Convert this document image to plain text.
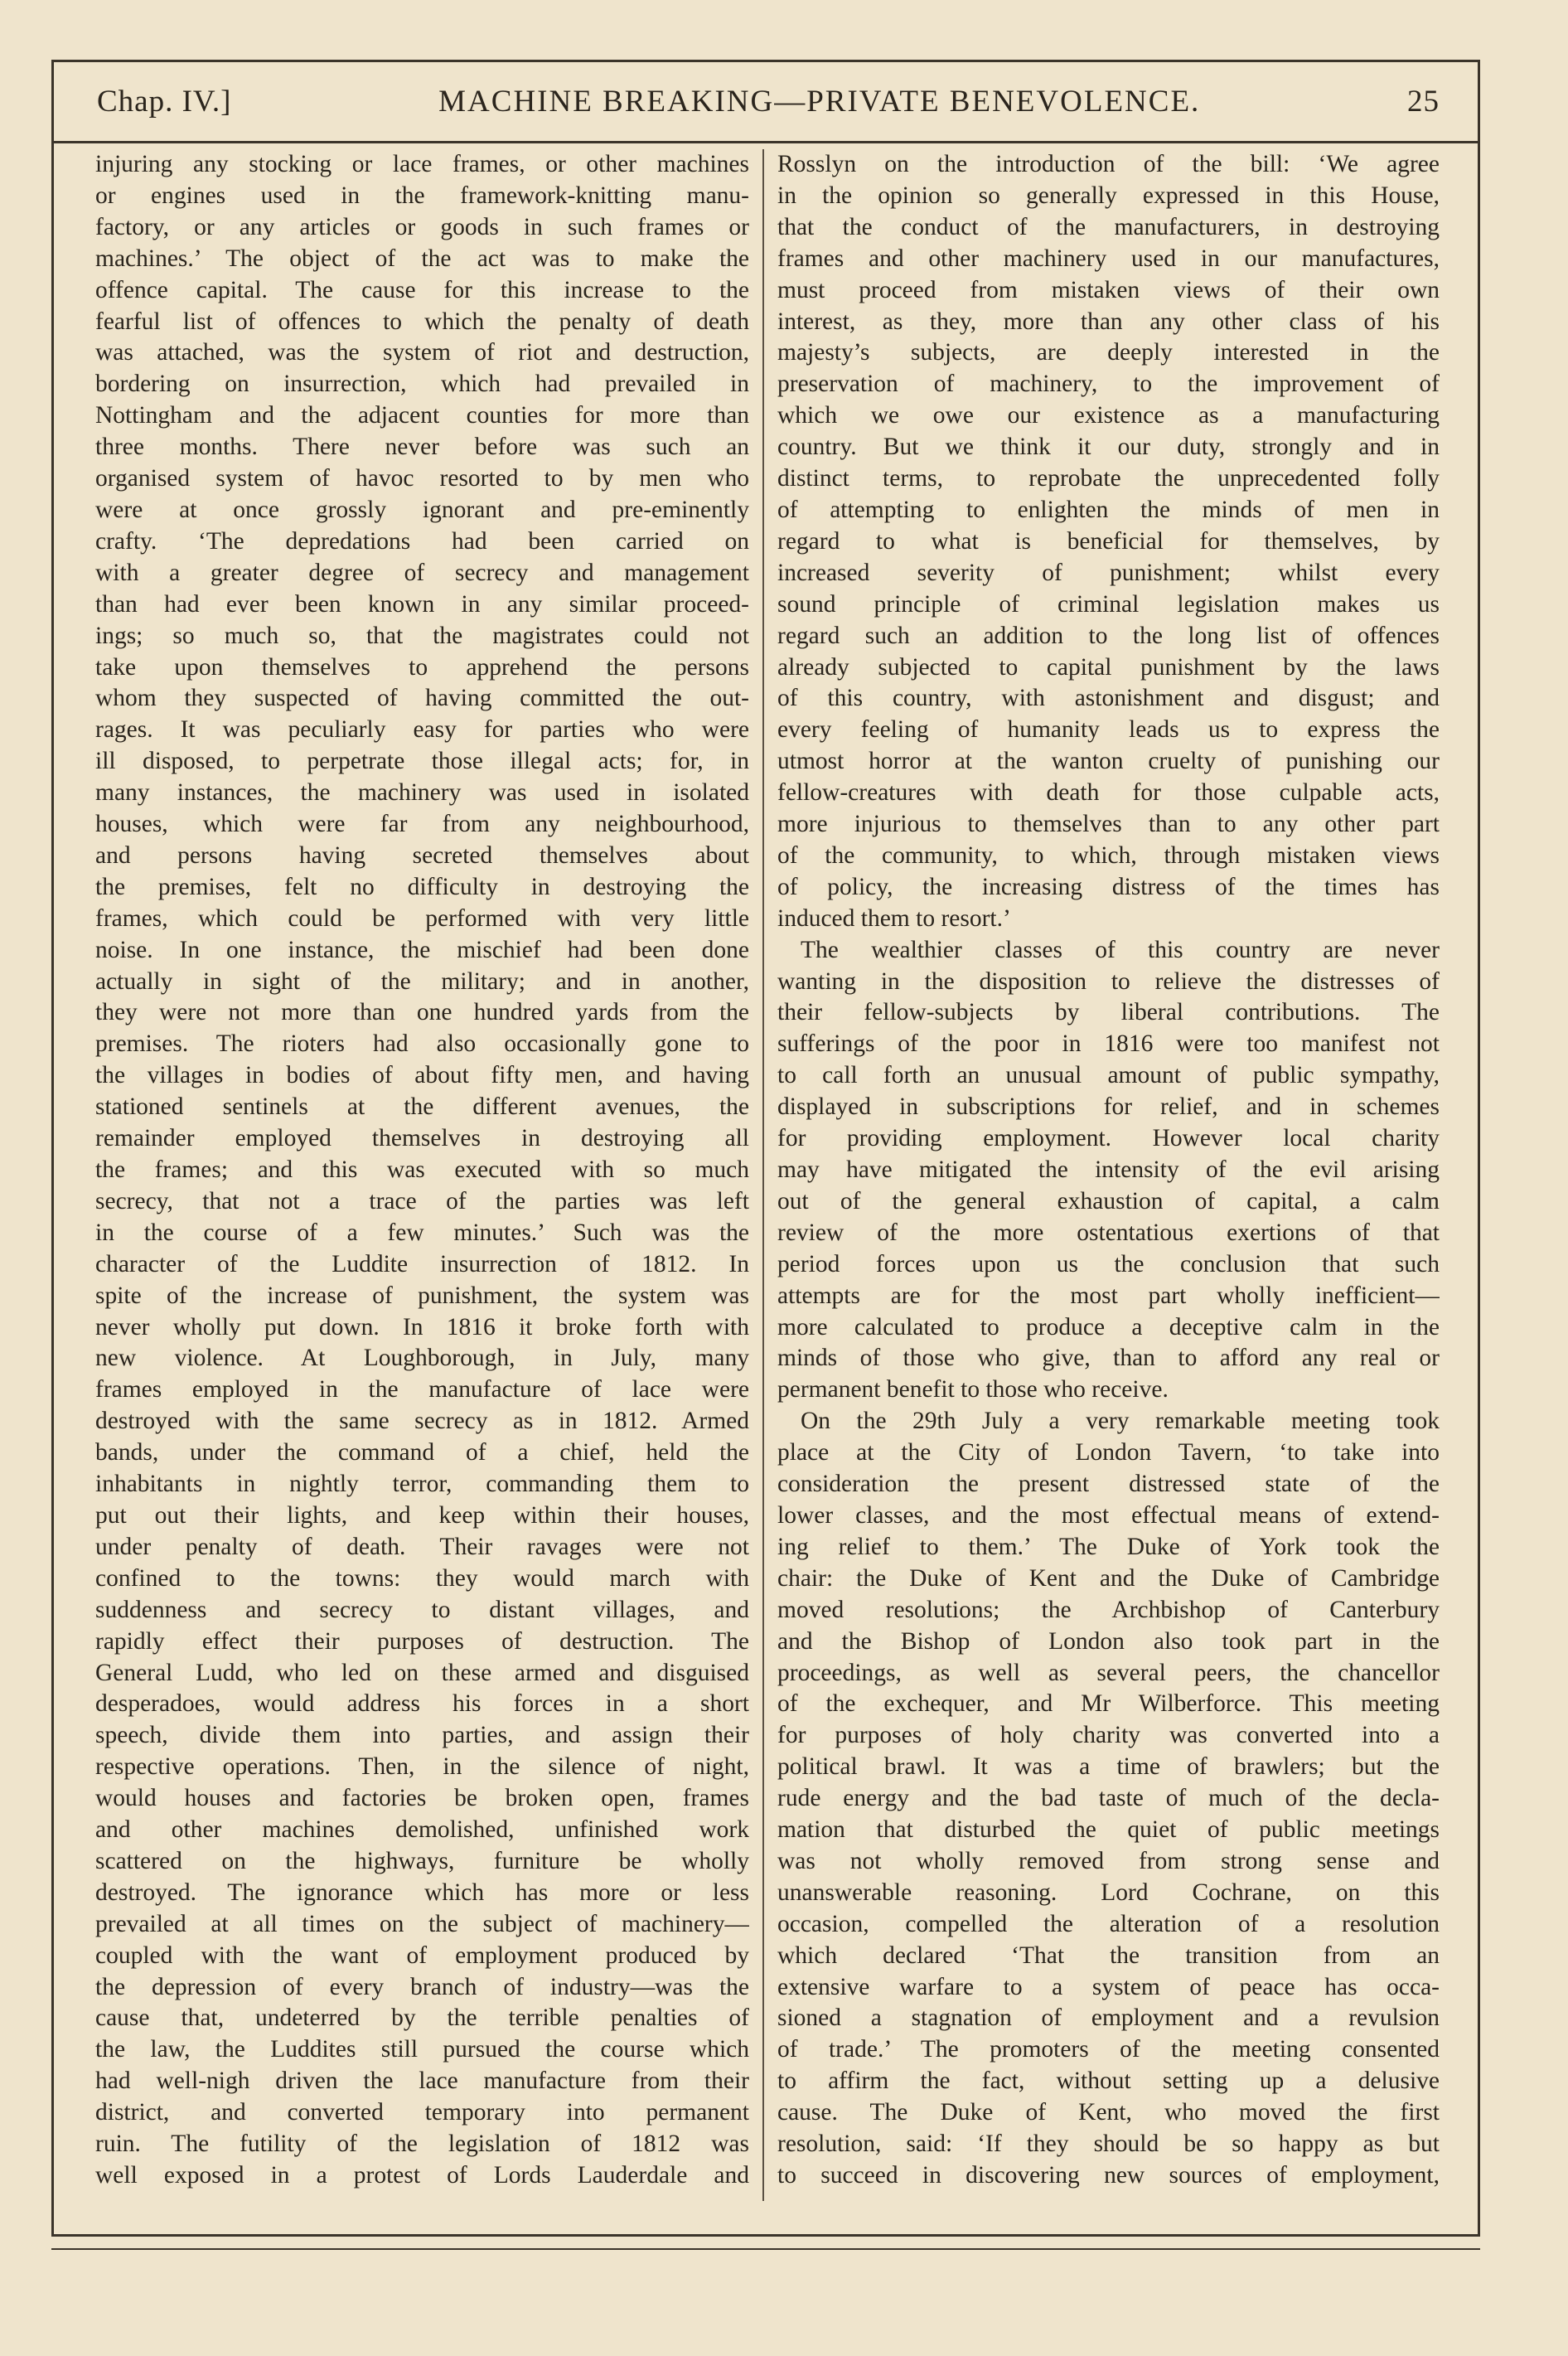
Chap. IV.]	MACHINE BREAKING—PRIVATE BENEVOLENCE.	25
injuring any stocking or lace frames, or other machines
or engines used in the framework-knitting manu-
factory, or any articles or goods in such frames or
machines.’ The object of the act was to make the
offence capital. The cause for this increase to the
fearful list of offences to which the penalty of death
was attached, was the system of riot and destruction,
bordering on insurrection, which had prevailed in
Nottingham and the adjacent counties for more than
three months. There never before was such an
organised system of havoc resorted to by men who
were at once grossly ignorant and pre-eminently
crafty. ‘The depredations had been carried on
with a greater degree of secrecy and management
than had ever been known in any similar proceed-
ings; so much so, that the magistrates could not
take upon themselves to apprehend the persons
whom they suspected of having committed the out-
rages. It was peculiarly easy for parties who were
ill disposed, to perpetrate those illegal acts; for, in
many instances, the machinery was used in isolated
houses, which were far from any neighbourhood,
and persons having secreted themselves about
the premises, felt no difficulty in destroying the
frames, which could be performed with very little
noise. In one instance, the mischief had been done
actually in sight of the military; and in another,
they were not more than one hundred yards from the
premises. The rioters had also occasionally gone to
the villages in bodies of about fifty men, and having
stationed sentinels at the different avenues, the
remainder employed themselves in destroying all
the frames; and this was executed with so much
secrecy, that not a trace of the parties was left
in the course of a few minutes.’ Such was the
character of the Luddite insurrection of 1812. In
spite of the increase of punishment, the system was
never wholly put down. In 1816 it broke forth with
new violence. At Loughborough, in July, many
frames employed in the manufacture of lace were
destroyed with the same secrecy as in 1812. Armed
bands, under the command of a chief, held the
inhabitants in nightly terror, commanding them to
put out their lights, and keep within their houses,
under penalty of death. Their ravages were not
confined to the towns: they would march with
suddenness and secrecy to distant villages, and
rapidly effect their purposes of destruction. The
General Ludd, who led on these armed and disguised
desperadoes, would address his forces in a short
speech, divide them into parties, and assign their
respective operations. Then, in the silence of night,
would houses and factories be broken open, frames
and other machines demolished, unfinished work
scattered on the highways, furniture be wholly
destroyed. The ignorance which has more or less
prevailed at all times on the subject of machinery—
coupled with the want of employment produced by
the depression of every branch of industry—was the
cause that, undeterred by the terrible penalties of
the law, the Luddites still pursued the course which
had well-nigh driven the lace manufacture from their
district, and converted temporary into permanent
ruin. The futility of the legislation of 1812 was
well exposed in a protest of Lords Lauderdale and
Rosslyn on the introduction of the bill: ‘We agree
in the opinion so generally expressed in this House,
that the conduct of the manufacturers, in destroying
frames and other machinery used in our manufactures,
must proceed from mistaken views of their own
interest, as they, more than any other class of his
majesty’s subjects, are deeply interested in the
preservation of machinery, to the improvement of
which we owe our existence as a manufacturing
country. But we think it our duty, strongly and in
distinct terms, to reprobate the unprecedented folly
of attempting to enlighten the minds of men in
regard to what is beneficial for themselves, by
increased severity of punishment; whilst every
sound principle of criminal legislation makes us
regard such an addition to the long list of offences
already subjected to capital punishment by the laws
of this country, with astonishment and disgust; and
every feeling of humanity leads us to express the
utmost horror at the wanton cruelty of punishing our
fellow-creatures with death for those culpable acts,
more injurious to themselves than to any other part
of the community, to which, through mistaken views
of policy, the increasing distress of the times has
induced them to resort.’
The wealthier classes of this country are never
wanting in the disposition to relieve the distresses of
their fellow-subjects by liberal contributions. The
sufferings of the poor in 1816 were too manifest not
to call forth an unusual amount of public sympathy,
displayed in subscriptions for relief, and in schemes
for providing employment. However local charity
may have mitigated the intensity of the evil arising
out of the general exhaustion of capital, a calm
review of the more ostentatious exertions of that
period forces upon us the conclusion that such
attempts are for the most part wholly inefficient—
more calculated to produce a deceptive calm in the
minds of those who give, than to afford any real or
permanent benefit to those who receive.
On the 29th July a very remarkable meeting took
place at the City of London Tavern, ‘to take into
consideration the present distressed state of the
lower classes, and the most effectual means of extend-
ing relief to them.’ The Duke of York took the
chair: the Duke of Kent and the Duke of Cambridge
moved resolutions; the Archbishop of Canterbury
and the Bishop of London also took part in the
proceedings, as well as several peers, the chancellor
of the exchequer, and Mr Wilberforce. This meeting
for purposes of holy charity was converted into a
political brawl. It was a time of brawlers; but the
rude energy and the bad taste of much of the decla-
mation that disturbed the quiet of public meetings
was not wholly removed from strong sense and
unanswerable reasoning. Lord Cochrane, on this
occasion, compelled the alteration of a resolution
which declared ‘That the transition from an
extensive warfare to a system of peace has occa-
sioned a stagnation of employment and a revulsion
of trade.’ The promoters of the meeting consented
to affirm the fact, without setting up a delusive
cause. The Duke of Kent, who moved the first
resolution, said: ‘If they should be so happy as but
to succeed in discovering new sources of employment,
